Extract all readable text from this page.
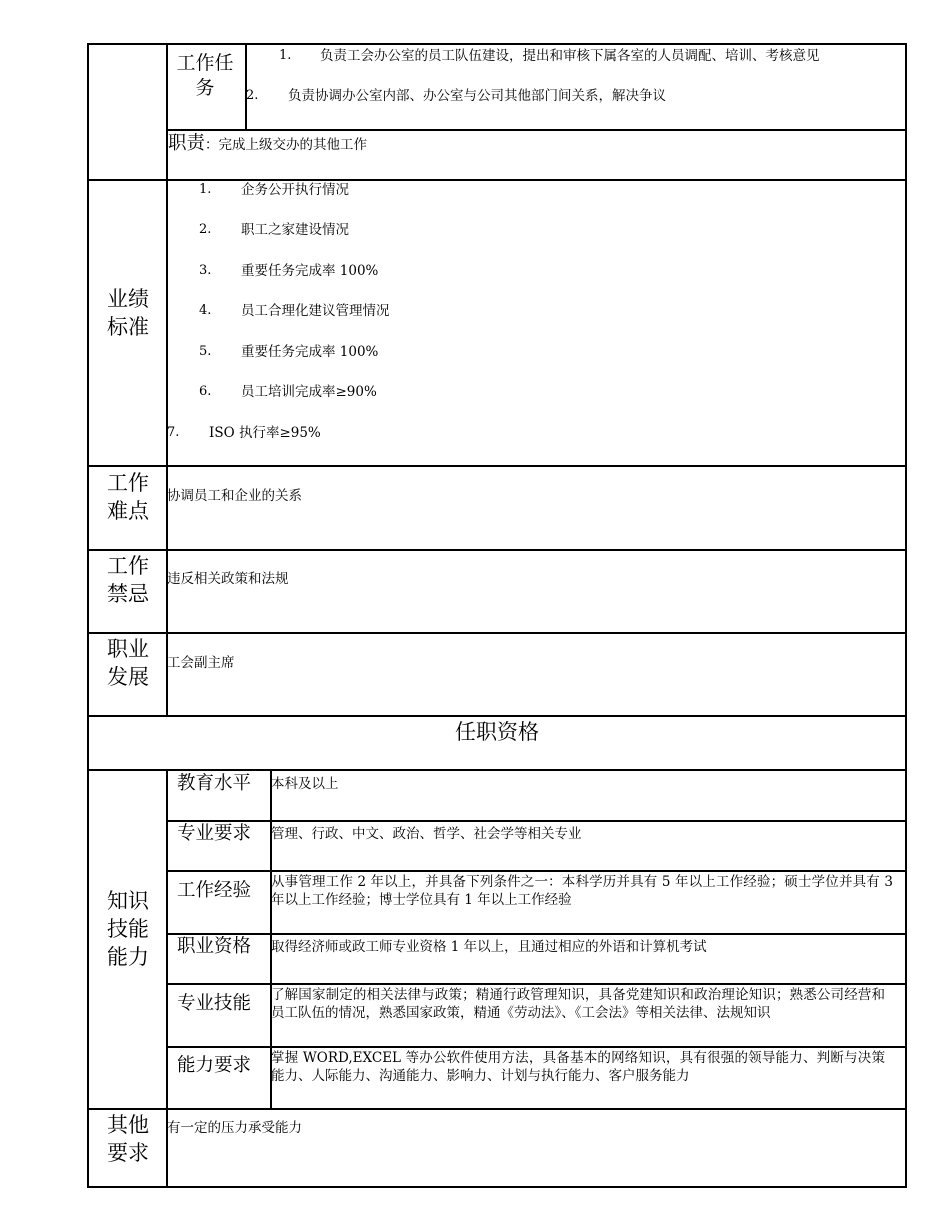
工作任务
1. 负责工会办公室的员工队伍建设，提出和审核下属各室的人员调配、培训、考核意见
2. 负责协调办公室内部、办公室与公司其他部门间关系，解决争议
职责 ：完成上级交办的其他工作
业绩标准
1. 企务公开执行情况
2. 职工之家建设情况
3. 重要任务完成率 100%
4. 员工合理化建议管理情况
5. 重要任务完成率 100%
6. 员工培训完成率≥90%
7. ISO 执行率≥95%
工作难点
协调员工和企业的关系
工作禁忌
违反相关政策和法规
职业发展
工会副主席
任职资格
知识技能能力
教育水平 本科及以上
专业要求 管理、行政、中文、政治、哲学、社会学等相关专业
工作经验 从事管理工作 2 年以上，并具备下列条件之一：本科学历并具有 5 年以上工作经验；硕士学位并具有 3 年以上工作经验；博士学位具有 1 年以上工作经验
职业资格 取得经济师或政工师专业资格 1 年以上，且通过相应的外语和计算机考试
专业技能 了解国家制定的相关法律与政策；精通行政管理知识，具备党建知识和政治理论知识；熟悉公司经营和员工队伍的情况，熟悉国家政策，精通《劳动法》、《工会法》等相关法律、法规知识
能力要求 掌握 WORD,EXCEL 等办公软件使用方法，具备基本的网络知识，具有很强的领导能力、判断与决策能力、人际能力、沟通能力、影响力、计划与执行能力、客户服务能力
其他要求
有一定的压力承受能力
